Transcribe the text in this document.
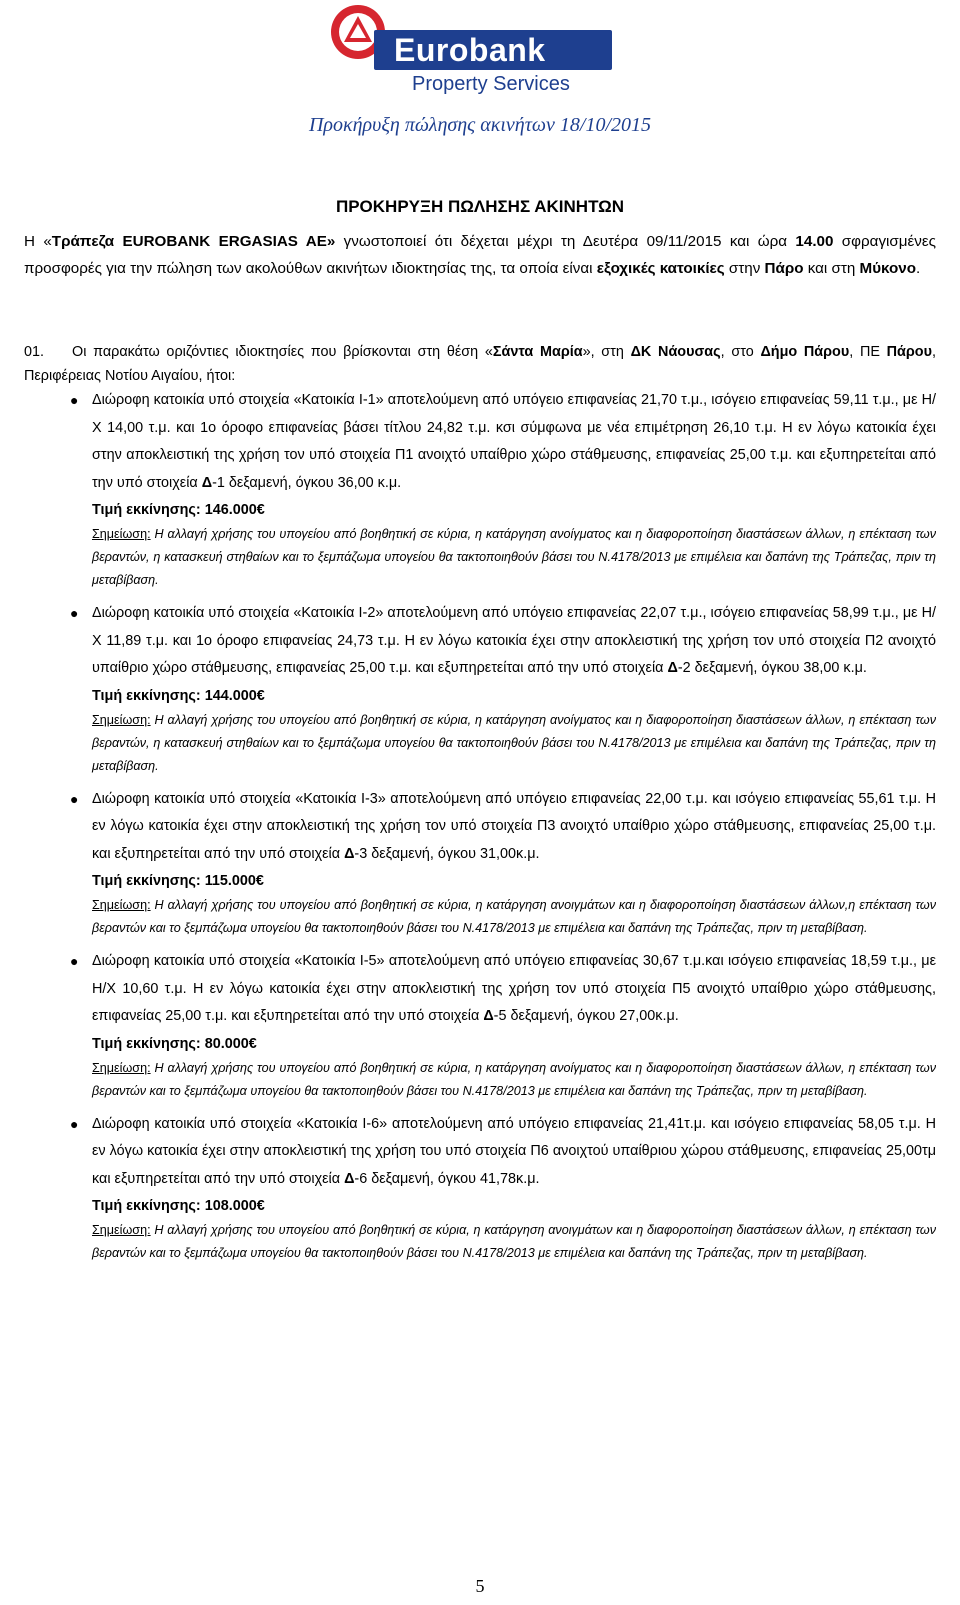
Eurobank
Property Services
Προκήρυξη πώλησης ακινήτων 18/10/2015
ΠΡΟΚΗΡΥΞΗ ΠΩΛΗΣΗΣ ΑΚΙΝΗΤΩΝ
Η «Τράπεζα EUROBANK ERGASIAS AE» γνωστοποιεί ότι δέχεται μέχρι τη Δευτέρα 09/11/2015 και ώρα 14.00 σφραγισμένες προσφορές για την πώληση των ακολούθων ακινήτων ιδιοκτησίας της, τα οποία είναι εξοχικές κατοικίες στην Πάρο και στη Μύκονο.
01. Οι παρακάτω οριζόντιες ιδιοκτησίες που βρίσκονται στη θέση «Σάντα Μαρία», στη ΔΚ Νάουσας, στο Δήμο Πάρου, ΠΕ Πάρου, Περιφέρειας Νοτίου Αιγαίου, ήτοι:
● Διώροφη κατοικία υπό στοιχεία «Κατοικία Ι-1» αποτελούμενη από υπόγειο επιφανείας 21,70 τ.μ., ισόγειο επιφανείας 59,11 τ.μ., με Η/Χ 14,00 τ.μ. και 1ο όροφο επιφανείας βάσει τίτλου 24,82 τ.μ. κσι σύμφωνα με νέα επιμέτρηση 26,10 τ.μ. Η εν λόγω κατοικία έχει στην αποκλειστική της χρήση τον υπό στοιχεία Π1 ανοιχτό υπαίθριο χώρο στάθμευσης, επιφανείας 25,00 τ.μ. και εξυπηρετείται από την υπό στοιχεία Δ-1 δεξαμενή, όγκου 36,00 κ.μ.
Τιμή εκκίνησης: 146.000€
Σημείωση: Η αλλαγή χρήσης του υπογείου από βοηθητική σε κύρια, η κατάργηση ανοίγματος και η διαφοροποίηση διαστάσεων άλλων, η επέκταση των βεραντών, η κατασκευή στηθαίων και το ξεμπάζωμα υπογείου θα τακτοποιηθούν βάσει του Ν.4178/2013 με επιμέλεια και δαπάνη της Τράπεζας, πριν τη μεταβίβαση.
● Διώροφη κατοικία υπό στοιχεία «Κατοικία Ι-2» αποτελούμενη από υπόγειο επιφανείας 22,07 τ.μ., ισόγειο επιφανείας 58,99 τ.μ., με Η/Χ 11,89 τ.μ. και 1ο όροφο επιφανείας 24,73 τ.μ. Η εν λόγω κατοικία έχει στην αποκλειστική της χρήση τον υπό στοιχεία Π2 ανοιχτό υπαίθριο χώρο στάθμευσης, επιφανείας 25,00 τ.μ. και εξυπηρετείται από την υπό στοιχεία Δ-2 δεξαμενή, όγκου 38,00 κ.μ.
Τιμή εκκίνησης: 144.000€
Σημείωση: Η αλλαγή χρήσης του υπογείου από βοηθητική σε κύρια, η κατάργηση ανοίγματος και η διαφοροποίηση διαστάσεων άλλων, η επέκταση των βεραντών, η κατασκευή στηθαίων και το ξεμπάζωμα υπογείου θα τακτοποιηθούν βάσει του Ν.4178/2013 με επιμέλεια και δαπάνη της Τράπεζας, πριν τη μεταβίβαση.
● Διώροφη κατοικία υπό στοιχεία «Κατοικία Ι-3» αποτελούμενη από υπόγειο επιφανείας 22,00 τ.μ. και ισόγειο επιφανείας 55,61 τ.μ. Η εν λόγω κατοικία έχει στην αποκλειστική της χρήση τον υπό στοιχεία Π3 ανοιχτό υπαίθριο χώρο στάθμευσης, επιφανείας 25,00 τ.μ. και εξυπηρετείται από την υπό στοιχεία Δ-3 δεξαμενή, όγκου 31,00κ.μ.
Τιμή εκκίνησης: 115.000€
Σημείωση: Η αλλαγή χρήσης του υπογείου από βοηθητική σε κύρια, η κατάργηση ανοιγμάτων και η διαφοροποίηση διαστάσεων άλλων,η επέκταση των βεραντών και το ξεμπάζωμα υπογείου θα τακτοποιηθούν βάσει του Ν.4178/2013 με επιμέλεια και δαπάνη της Τράπεζας, πριν τη μεταβίβαση.
● Διώροφη κατοικία υπό στοιχεία «Κατοικία Ι-5» αποτελούμενη από υπόγειο επιφανείας 30,67 τ.μ.και ισόγειο επιφανείας 18,59 τ.μ., με Η/Χ 10,60 τ.μ. Η εν λόγω κατοικία έχει στην αποκλειστική της χρήση τον υπό στοιχεία Π5 ανοιχτό υπαίθριο χώρο στάθμευσης, επιφανείας 25,00 τ.μ. και εξυπηρετείται από την υπό στοιχεία Δ-5 δεξαμενή, όγκου 27,00κ.μ.
Τιμή εκκίνησης: 80.000€
Σημείωση: Η αλλαγή χρήσης του υπογείου από βοηθητική σε κύρια, η κατάργηση ανοίγματος και η διαφοροποίηση διαστάσεων άλλων, η επέκταση των βεραντών και το ξεμπάζωμα υπογείου θα τακτοποιηθούν βάσει του Ν.4178/2013 με επιμέλεια και δαπάνη της Τράπεζας, πριν τη μεταβίβαση.
● Διώροφη κατοικία υπό στοιχεία «Κατοικία Ι-6» αποτελούμενη από υπόγειο επιφανείας 21,41τ.μ. και ισόγειο επιφανείας 58,05 τ.μ. Η εν λόγω κατοικία έχει στην αποκλειστική της χρήση του υπό στοιχεία Π6 ανοιχτού υπαίθριου χώρου στάθμευσης, επιφανείας 25,00τμ και εξυπηρετείται από την υπό στοιχεία Δ-6 δεξαμενή, όγκου 41,78κ.μ.
Τιμή εκκίνησης: 108.000€
Σημείωση: Η αλλαγή χρήσης του υπογείου από βοηθητική σε κύρια, η κατάργηση ανοιγμάτων και η διαφοροποίηση διαστάσεων άλλων, η επέκταση των βεραντών και το ξεμπάζωμα υπογείου θα τακτοποιηθούν βάσει του Ν.4178/2013 με επιμέλεια και δαπάνη της Τράπεζας, πριν τη μεταβίβαση.
5
